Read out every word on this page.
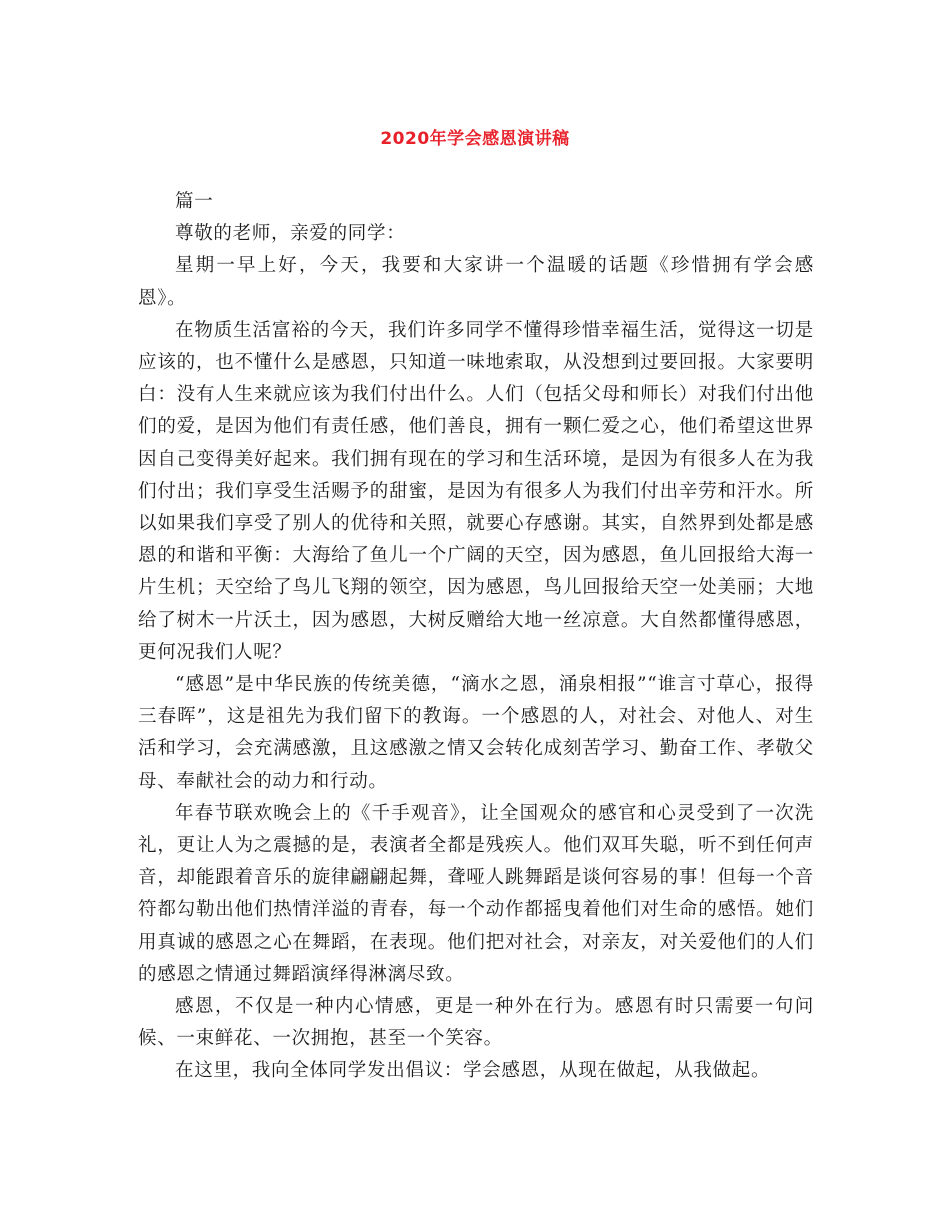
2020年学会感恩演讲稿

篇一

尊敬的老师，亲爱的同学：

星期一早上好，今天，我要和大家讲一个温暖的话题《珍惜拥有学会感恩》。

在物质生活富裕的今天，我们许多同学不懂得珍惜幸福生活，觉得这一切是应该的，也不懂什么是感恩，只知道一味地索取，从没想到过要回报。大家要明白：没有人生来就应该为我们付出什么。人们（包括父母和师长）对我们付出他们的爱，是因为他们有责任感，他们善良，拥有一颗仁爱之心，他们希望这世界因自己变得美好起来。我们拥有现在的学习和生活环境，是因为有很多人在为我们付出；我们享受生活赐予的甜蜜，是因为有很多人为我们付出辛劳和汗水。所以如果我们享受了别人的优待和关照，就要心存感谢。其实，自然界到处都是感恩的和谐和平衡：大海给了鱼儿一个广阔的天空，因为感恩，鱼儿回报给大海一片生机；天空给了鸟儿飞翔的领空，因为感恩，鸟儿回报给天空一处美丽；大地给了树木一片沃土，因为感恩，大树反赠给大地一丝凉意。大自然都懂得感恩，更何况我们人呢？

“感恩”是中华民族的传统美德，“滴水之恩，涌泉相报”“谁言寸草心，报得三春晖”，这是祖先为我们留下的教诲。一个感恩的人，对社会、对他人、对生活和学习，会充满感激，且这感激之情又会转化成刻苦学习、勤奋工作、孝敬父母、奉献社会的动力和行动。

年春节联欢晚会上的《千手观音》，让全国观众的感官和心灵受到了一次洗礼，更让人为之震撼的是，表演者全都是残疾人。他们双耳失聪，听不到任何声音，却能跟着音乐的旋律翩翩起舞，聋哑人跳舞蹈是谈何容易的事！但每一个音符都勾勒出他们热情洋溢的青春，每一个动作都摇曳着他们对生命的感悟。她们用真诚的感恩之心在舞蹈，在表现。他们把对社会，对亲友，对关爱他们的人们的感恩之情通过舞蹈演绎得淋漓尽致。

感恩，不仅是一种内心情感，更是一种外在行为。感恩有时只需要一句问候、一束鲜花、一次拥抱，甚至一个笑容。

在这里，我向全体同学发出倡议：学会感恩，从现在做起，从我做起。
